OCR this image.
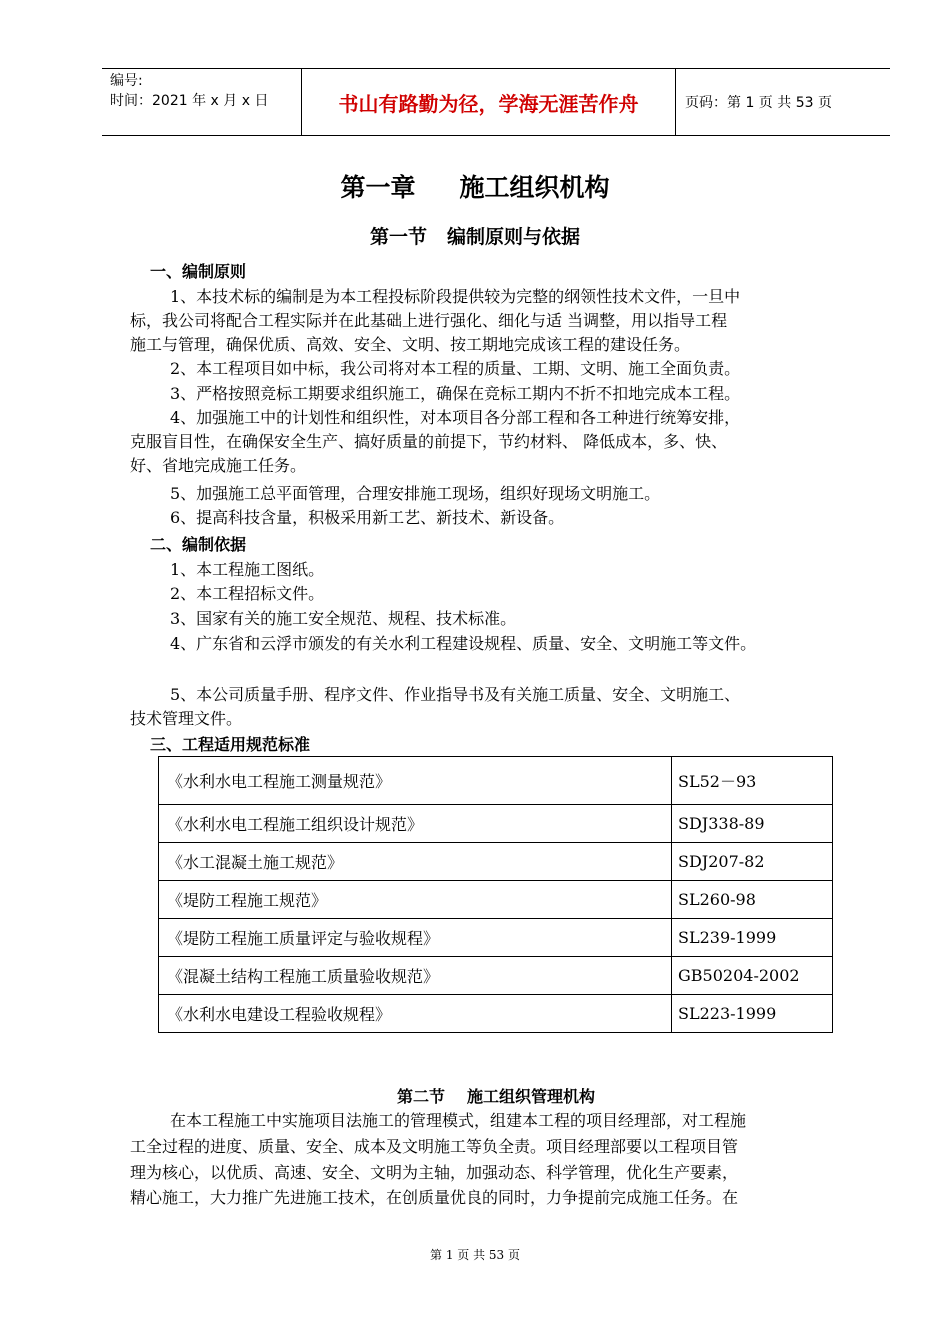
编号:
时间：2021 年 x 月 x 日	书山有路勤为径，学海无涯苦作舟	页码：第 1 页 共 53 页
第一章 施工组织机构
第一节 编制原则与依据
一、编制原则
1、本技术标的编制是为本工程投标阶段提供较为完整的纲领性技术文件，一旦中
标，我公司将配合工程实际并在此基础上进行强化、细化与适 当调整，用以指导工程
施工与管理，确保优质、高效、安全、文明、按工期地完成该工程的建设任务。
2、本工程项目如中标，我公司将对本工程的质量、工期、文明、施工全面负责。
3、严格按照竞标工期要求组织施工，确保在竞标工期内不折不扣地完成本工程。
4、加强施工中的计划性和组织性，对本项目各分部工程和各工种进行统筹安排，
克服盲目性，在确保安全生产、搞好质量的前提下，节约材料、 降低成本，多、快、
好、省地完成施工任务。
5、加强施工总平面管理，合理安排施工现场，组织好现场文明施工。
6、提高科技含量，积极采用新工艺、新技术、新设备。
二、编制依据
1、本工程施工图纸。
2、本工程招标文件。
3、国家有关的施工安全规范、规程、技术标准。
4、广东省和云浮市颁发的有关水利工程建设规程、质量、安全、文明施工等文件。
5、本公司质量手册、程序文件、作业指导书及有关施工质量、安全、文明施工、
技术管理文件。
三、工程适用规范标准
《水利水电工程施工测量规范》	SL52－93
《水利水电工程施工组织设计规范》	SDJ338-89
《水工混凝土施工规范》	SDJ207-82
《堤防工程施工规范》	SL260-98
《堤防工程施工质量评定与验收规程》	SL239-1999
《混凝土结构工程施工质量验收规范》	GB50204-2002
《水利水电建设工程验收规程》	SL223-1999
第二节 施工组织管理机构
在本工程施工中实施项目法施工的管理模式，组建本工程的项目经理部，对工程施
工全过程的进度、质量、安全、成本及文明施工等负全责。项目经理部要以工程项目管
理为核心，以优质、高速、安全、文明为主轴，加强动态、科学管理，优化生产要素，
精心施工，大力推广先进施工技术，在创质量优良的同时，力争提前完成施工任务。在
第 1 页 共 53 页
